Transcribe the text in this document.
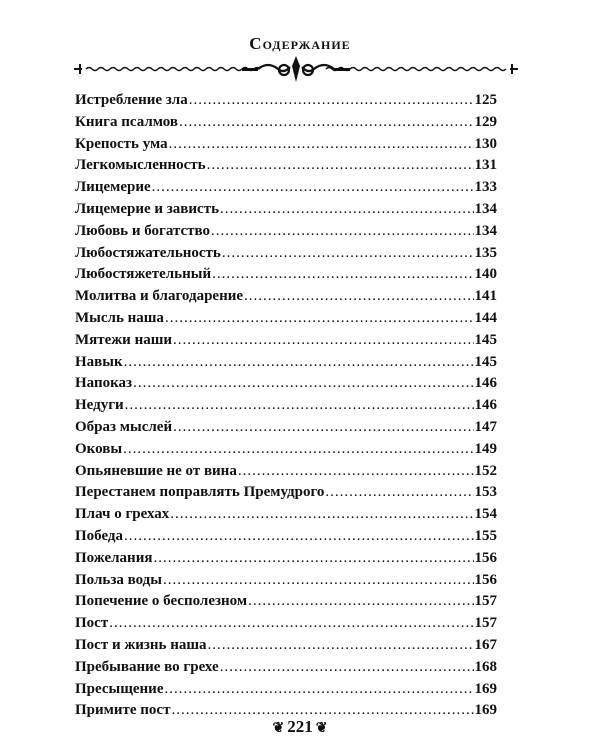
Содержание
Истребление зла .....	125
Книга псалмов .....	129
Крепость ума .....	130
Легкомысленность .....	131
Лицемерие .....	133
Лицемерие и зависть .....	134
Любовь и богатство .....	134
Любостяжательность .....	135
Любостяжетельный .....	140
Молитва и благодарение .....	141
Мысль наша .....	144
Мятежи наши .....	145
Навык .....	145
Напоказ .....	146
Недуги .....	146
Образ мыслей .....	147
Оковы .....	149
Опьяневшие не от вина .....	152
Перестанем поправлять Премудрого .....	153
Плач о грехах .....	154
Победа .....	155
Пожелания .....	156
Польза воды .....	156
Попечение о бесполезном .....	157
Пост .....	157
Пост и жизнь наша .....	167
Пребывание во грехе .....	168
Пресыщение .....	169
Примите пост .....	169
❦ 221 ❦
